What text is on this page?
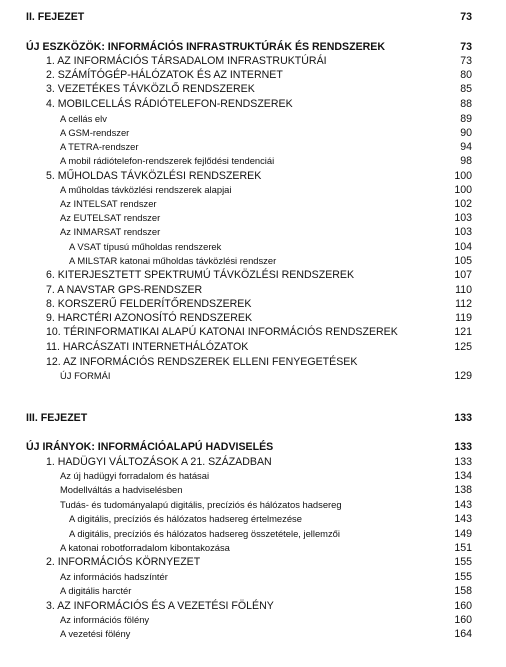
II. FEJEZET	73
ÚJ ESZKÖZÖK: INFORMÁCIÓS INFRASTRUKTÚRÁK ÉS RENDSZEREK	73
1. AZ INFORMÁCIÓS TÁRSADALOM INFRASTRUKTÚRÁI	73
2. SZÁMÍTÓGÉP-HÁLÓZATOK ÉS AZ INTERNET	80
3. VEZETÉKES TÁVKÖZLŐ RENDSZEREK	85
4. MOBILCELLÁS RÁDIÓTELEFON-RENDSZEREK	88
A cellás elv	89
A GSM-rendszer	90
A TETRA-rendszer	94
A mobil rádiótelefon-rendszerek fejlődési tendenciái	98
5. MŰHOLDAS TÁVKÖZLÉSI RENDSZEREK	100
A műholdas távközlési rendszerek alapjai	100
Az INTELSAT rendszer	102
Az EUTELSAT rendszer	103
Az INMARSAT rendszer	103
A VSAT típusú műholdas rendszerek	104
A MILSTAR katonai műholdas távközlési rendszer	105
6. KITERJESZTETT SPEKTRUMÚ TÁVKÖZLÉSI RENDSZEREK	107
7. A NAVSTAR GPS-RENDSZER	110
8. KORSZERŰ FELDERÍTŐRENDSZEREK	112
9. HARCTÉRI AZONOSÍTÓ RENDSZEREK	119
10. TÉRINFORMATIKAI ALAPÚ KATONAI INFORMÁCIÓS RENDSZEREK	121
11. HARCÁSZATI INTERNETHÁLÓZATOK	125
12. AZ INFORMÁCIÓS RENDSZEREK ELLENI FENYEGETÉSEK
ÚJ FORMÁI	129
III. FEJEZET	133
ÚJ IRÁNYOK: INFORMÁCIÓALAPÚ HADVISELÉS	133
1. HADÜGYI VÁLTOZÁSOK A 21. SZÁZADBAN	133
Az új hadügyi forradalom és hatásai	134
Modellváltás a hadviselésben	138
Tudás- és tudományalapú digitális, precíziós és hálózatos hadsereg	143
A digitális, precíziós és hálózatos hadsereg értelmezése	143
A digitális, precíziós és hálózatos hadsereg összetétele, jellemzői	149
A katonai robotforradalom kibontakozása	151
2. INFORMÁCIÓS KÖRNYEZET	155
Az információs hadszíntér	155
A digitális harctér	158
3. AZ INFORMÁCIÓS ÉS A VEZETÉSI FÖLÉNY	160
Az információs fölény	160
A vezetési fölény	164
